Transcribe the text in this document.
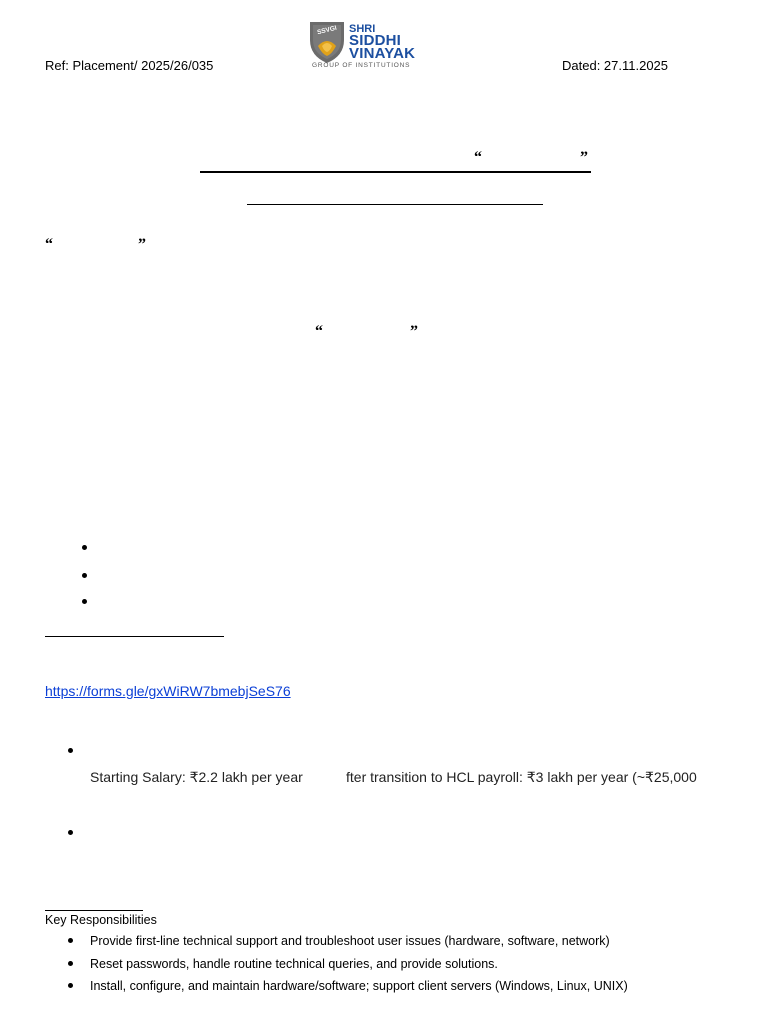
Ref: Placement/ 2025/26/035	Dated: 27.11.2025
SSVGI	SHRI
SIDDHI
VINAYAK
GROUP OF INSTITUTIONS
“	”
“	”
“	”
https://forms.gle/gxWiRW7bmebjSeS76
Starting Salary: ₹2.2 lakh per year	fter transition to HCL payroll: ₹3 lakh per year (~₹25,000
Key Responsibilities
Provide first-line technical support and troubleshoot user issues (hardware, software, network)
Reset passwords, handle routine technical queries, and provide solutions.
Install, configure, and maintain hardware/software; support client servers (Windows, Linux, UNIX)
